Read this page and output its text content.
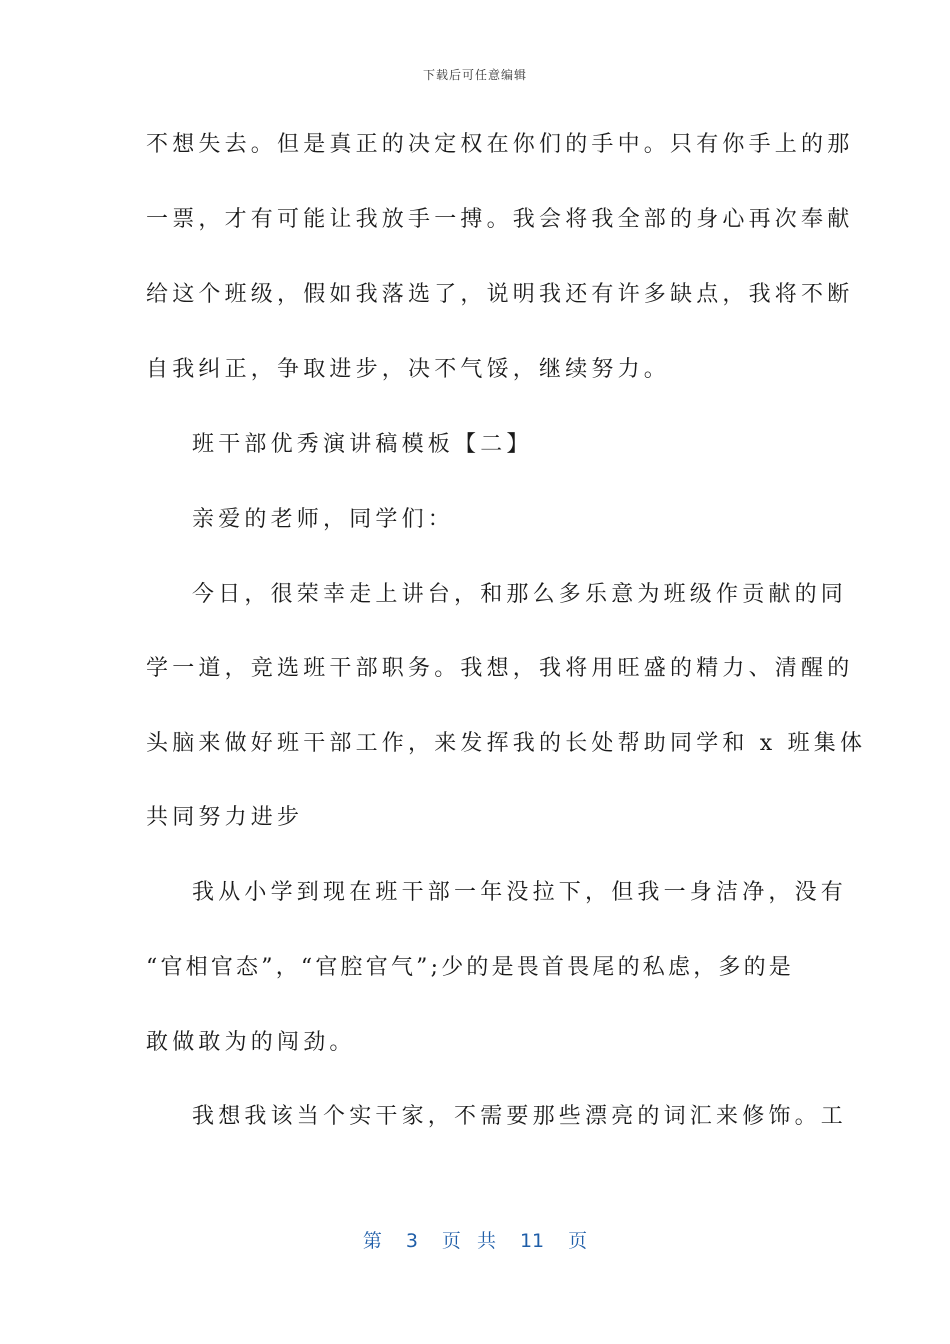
下载后可任意编辑
不想失去。但是真正的决定权在你们的手中。只有你手上的那
一票，才有可能让我放手一搏。我会将我全部的身心再次奉献
给这个班级，假如我落选了，说明我还有许多缺点，我将不断
自我纠正，争取进步，决不气馁，继续努力。
班干部优秀演讲稿模板【二】
亲爱的老师，同学们：
今日，很荣幸走上讲台，和那么多乐意为班级作贡献的同
学一道，竞选班干部职务。我想，我将用旺盛的精力、清醒的
头脑来做好班干部工作，来发挥我的长处帮助同学和 x 班集体
共同努力进步
我从小学到现在班干部一年没拉下，但我一身洁净，没有
“官相官态”，“官腔官气”;少的是畏首畏尾的私虑，多的是
敢做敢为的闯劲。
我想我该当个实干家，不需要那些漂亮的词汇来修饰。工
第 3 页 共 11 页
